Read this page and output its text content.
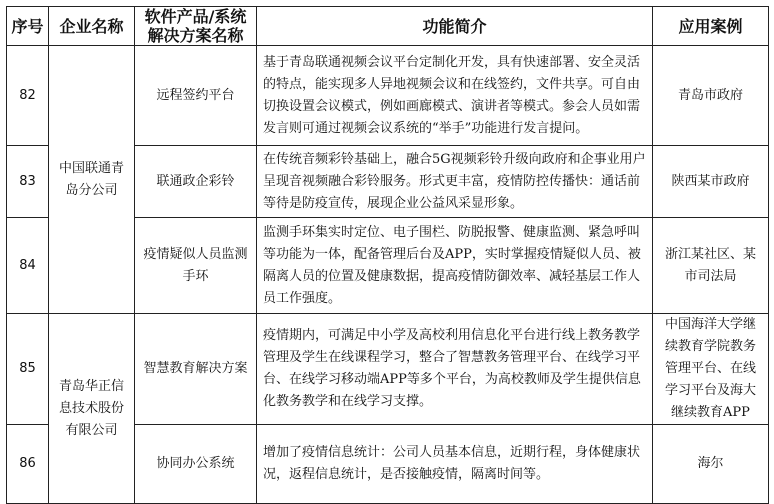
序号	企业名称	软件产品/系统解决方案名称	功能简介	应用案例
82	中国联通青岛分公司	远程签约平台	基于青岛联通视频会议平台定制化开发，具有快速部署、安全灵活的特点，能实现多人异地视频会议和在线签约，文件共享。可自由切换设置会议模式，例如画廊模式、演讲者等模式。参会人员如需发言则可通过视频会议系统的“举手”功能进行发言提问。	青岛市政府
83		联通政企彩铃	在传统音频彩铃基础上，融合5G视频彩铃升级向政府和企事业用户呈现音视频融合彩铃服务。形式更丰富，疫情防控传播快：通话前等待是防疫宣传，展现企业公益风采显形象。	陕西某市政府
84		疫情疑似人员监测手环	监测手环集实时定位、电子围栏、防脱报警、健康监测、紧急呼叫等功能为一体，配备管理后台及APP，实时掌握疫情疑似人员、被隔离人员的位置及健康数据，提高疫情防御效率、减轻基层工作人员工作强度。	浙江某社区、某市司法局
85	青岛华正信息技术股份有限公司	智慧教育解决方案	疫情期内，可满足中小学及高校利用信息化平台进行线上教务教学管理及学生在线课程学习，整合了智慧教务管理平台、在线学习平台、在线学习移动端APP等多个平台，为高校教师及学生提供信息化教务教学和在线学习支撑。	中国海洋大学继续教育学院教务管理平台、在线学习平台及海大继续教育APP
86		协同办公系统	增加了疫情信息统计：公司人员基本信息，近期行程，身体健康状况，返程信息统计，是否接触疫情，隔离时间等。	海尔
